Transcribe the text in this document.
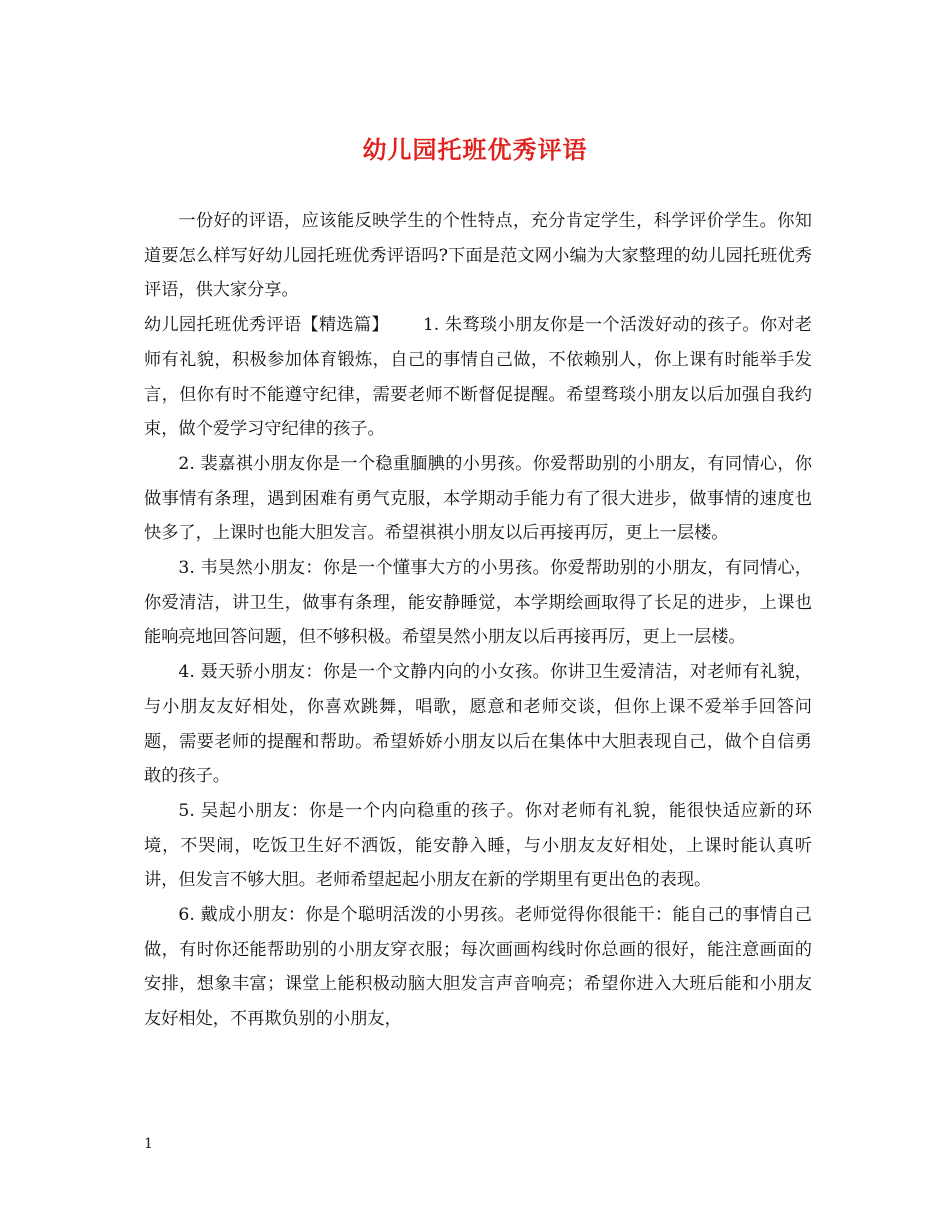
幼儿园托班优秀评语

一份好的评语，应该能反映学生的个性特点，充分肯定学生，科学评价学生。你知道要怎么样写好幼儿园托班优秀评语吗?下面是范文网小编为大家整理的幼儿园托班优秀评语，供大家分享。

幼儿园托班优秀评语【精选篇】 1. 朱骛琰小朋友你是一个活泼好动的孩子。你对老师有礼貌，积极参加体育锻炼，自己的事情自己做，不依赖别人，你上课有时能举手发言，但你有时不能遵守纪律，需要老师不断督促提醒。希望骛琰小朋友以后加强自我约束，做个爱学习守纪律的孩子。

2. 裴嘉祺小朋友你是一个稳重腼腆的小男孩。你爱帮助别的小朋友，有同情心，你做事情有条理，遇到困难有勇气克服，本学期动手能力有了很大进步，做事情的速度也快多了，上课时也能大胆发言。希望祺祺小朋友以后再接再厉，更上一层楼。

3. 韦昊然小朋友：你是一个懂事大方的小男孩。你爱帮助别的小朋友，有同情心，你爱清洁，讲卫生，做事有条理，能安静睡觉，本学期绘画取得了长足的进步，上课也能响亮地回答问题，但不够积极。希望昊然小朋友以后再接再厉，更上一层楼。

4. 聂天骄小朋友：你是一个文静内向的小女孩。你讲卫生爱清洁，对老师有礼貌，与小朋友友好相处，你喜欢跳舞，唱歌，愿意和老师交谈，但你上课不爱举手回答问题，需要老师的提醒和帮助。希望娇娇小朋友以后在集体中大胆表现自己，做个自信勇敢的孩子。

5. 吴起小朋友：你是一个内向稳重的孩子。你对老师有礼貌，能很快适应新的环境，不哭闹，吃饭卫生好不洒饭，能安静入睡，与小朋友友好相处，上课时能认真听讲，但发言不够大胆。老师希望起起小朋友在新的学期里有更出色的表现。

6. 戴成小朋友：你是个聪明活泼的小男孩。老师觉得你很能干：能自己的事情自己做，有时你还能帮助别的小朋友穿衣服；每次画画构线时你总画的很好，能注意画面的安排，想象丰富；课堂上能积极动脑大胆发言声音响亮；希望你进入大班后能和小朋友友好相处，不再欺负别的小朋友，

1
